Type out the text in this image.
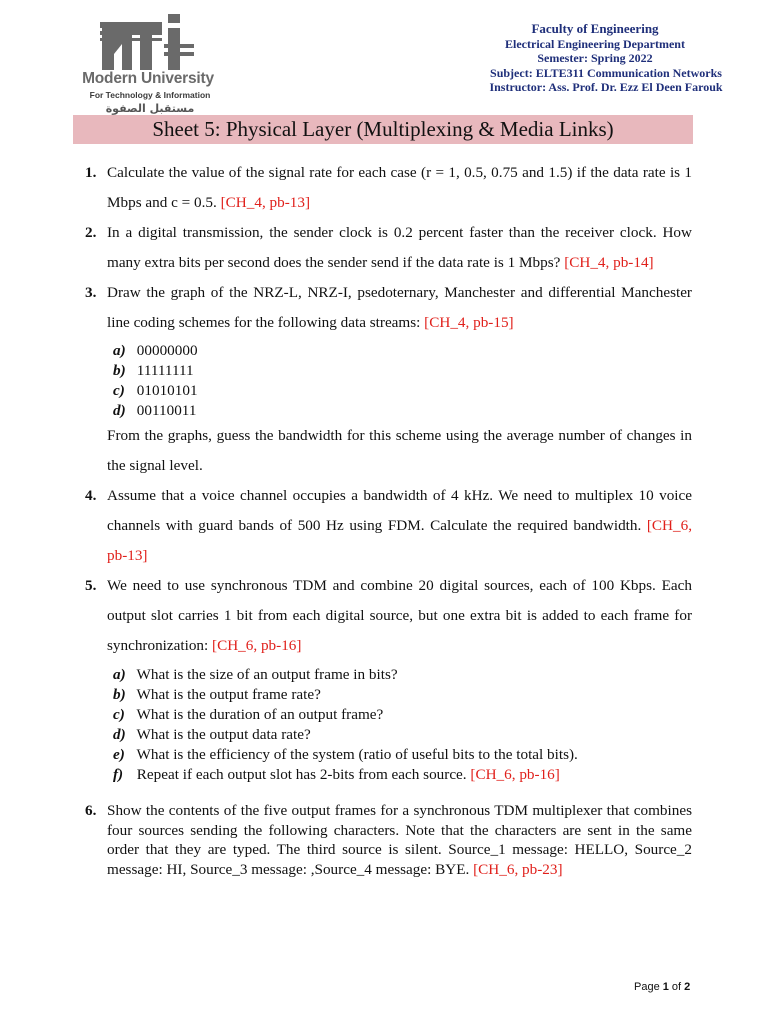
Modern University
For Technology & Information
مستقبل الصفوة
Faculty of Engineering
Electrical Engineering Department
Semester: Spring 2022
Subject: ELTE311 Communication Networks
Instructor: Ass. Prof. Dr. Ezz El Deen Farouk
Sheet 5: Physical Layer (Multiplexing & Media Links)
1. Calculate the value of the signal rate for each case (r = 1, 0.5, 0.75 and 1.5) if the data rate is 1 Mbps and c = 0.5. [CH_4, pb-13]
2. In a digital transmission, the sender clock is 0.2 percent faster than the receiver clock. How many extra bits per second does the sender send if the data rate is 1 Mbps? [CH_4, pb-14]
3. Draw the graph of the NRZ-L, NRZ-I, psedoternary, Manchester and differential Manchester line coding schemes for the following data streams: [CH_4, pb-15]
a) 00000000
b) 11111111
c) 01010101
d) 00110011
From the graphs, guess the bandwidth for this scheme using the average number of changes in the signal level.
4. Assume that a voice channel occupies a bandwidth of 4 kHz. We need to multiplex 10 voice channels with guard bands of 500 Hz using FDM. Calculate the required bandwidth. [CH_6, pb-13]
5. We need to use synchronous TDM and combine 20 digital sources, each of 100 Kbps. Each output slot carries 1 bit from each digital source, but one extra bit is added to each frame for synchronization: [CH_6, pb-16]
a) What is the size of an output frame in bits?
b) What is the output frame rate?
c) What is the duration of an output frame?
d) What is the output data rate?
e) What is the efficiency of the system (ratio of useful bits to the total bits).
f) Repeat if each output slot has 2-bits from each source. [CH_6, pb-16]
6. Show the contents of the five output frames for a synchronous TDM multiplexer that combines four sources sending the following characters. Note that the characters are sent in the same order that they are typed. The third source is silent. Source_1 message: HELLO, Source_2 message: HI, Source_3 message: ,Source_4 message: BYE. [CH_6, pb-23]
Page 1 of 2
